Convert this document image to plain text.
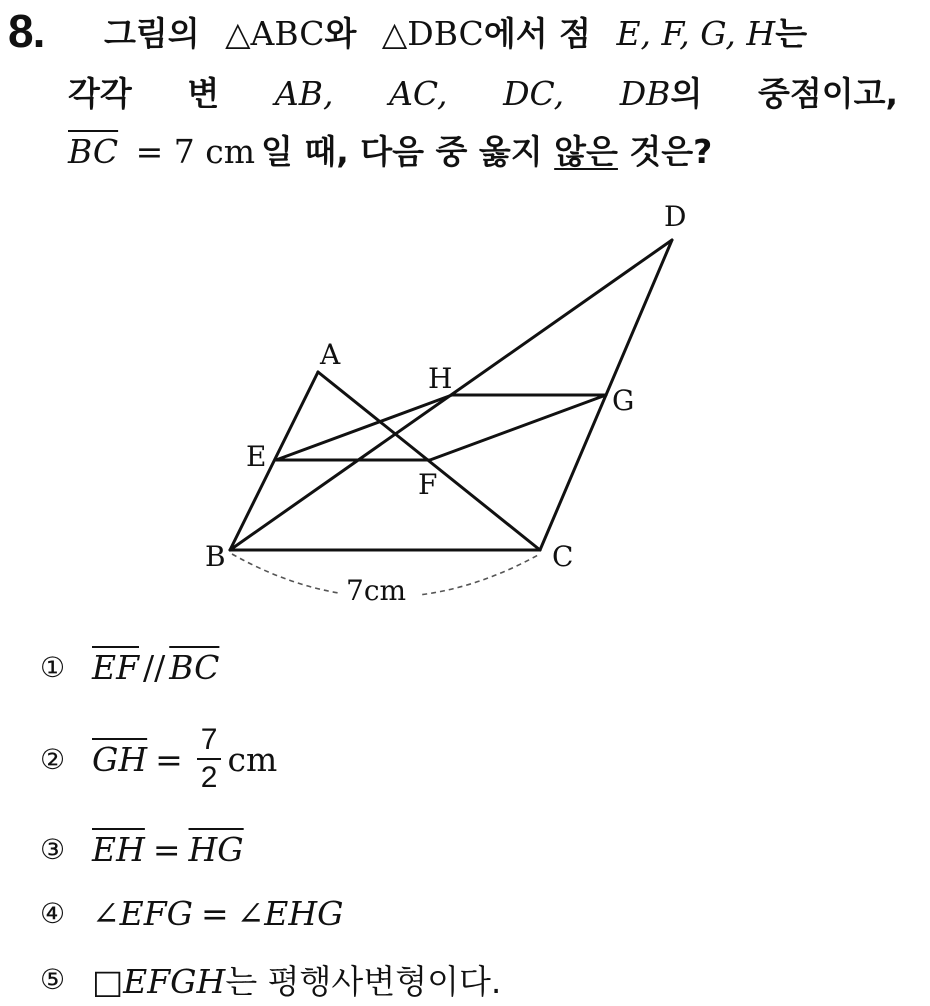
8. 그림의 △ABC와 △DBC에서 점 E, F, G, H는
각각 변 AB, AC, DC, DB의 중점이고,
$\overline{BC} = 7$ cm 일 때, 다음 중 옳지 않은 것은?
A
B	C
D
E
F
G
H
7cm
① $\overline{EF} // \overline{BC}$
② $\overline{GH} = \frac{7}{2}$ cm
③ $\overline{EH} = \overline{HG}$
④ ∠EFG = ∠EHG
⑤ □EFGH는 평행사변형이다.
